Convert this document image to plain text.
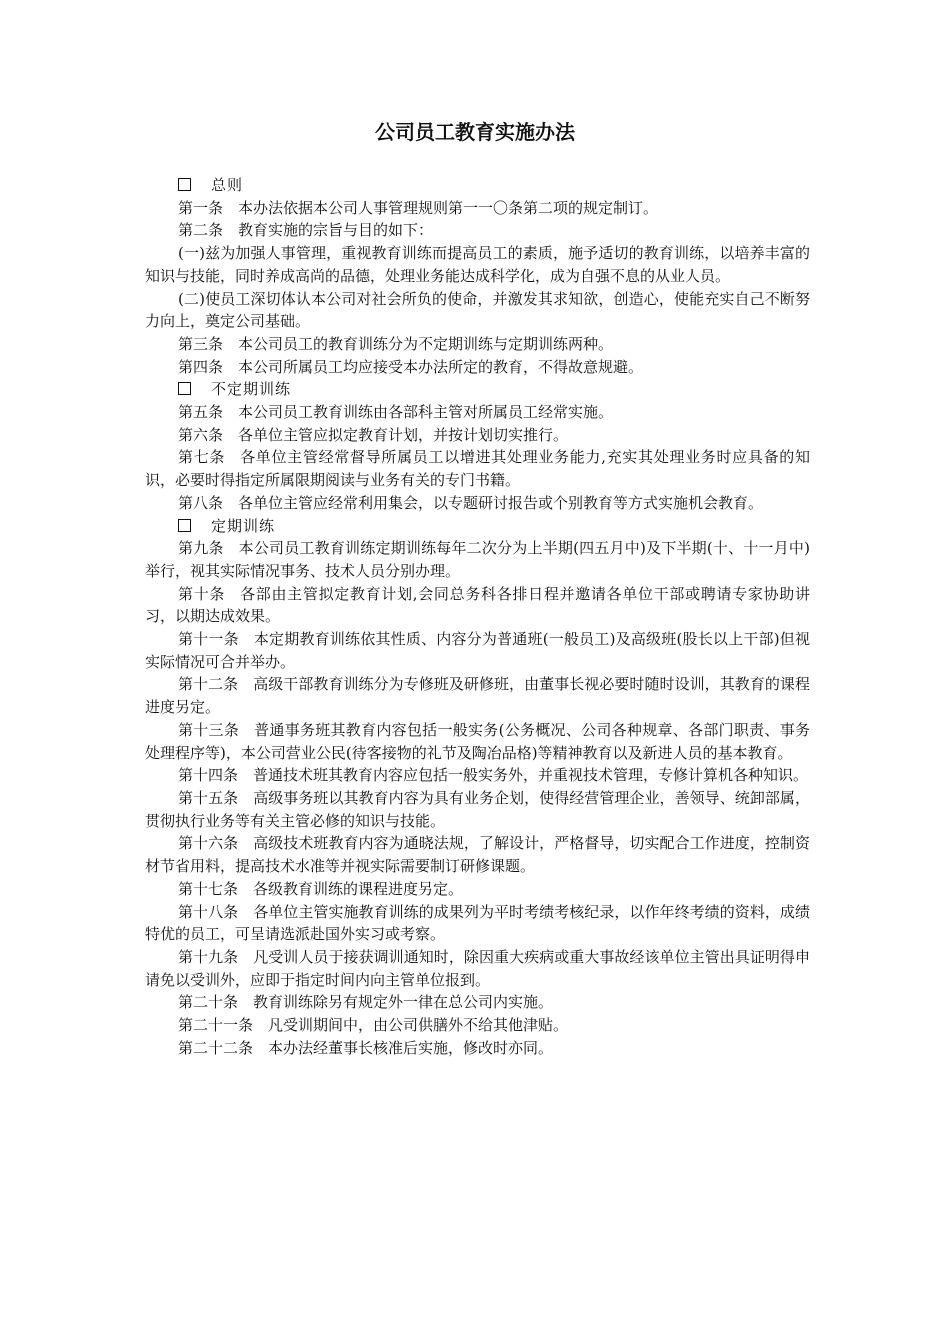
公司员工教育实施办法

总则

第一条 本办法依据本公司人事管理规则第一一〇条第二项的规定制订。

第二条 教育实施的宗旨与目的如下：

(一)兹为加强人事管理，重视教育训练而提高员工的素质，施予适切的教育训练，以培养丰富的知识与技能，同时养成高尚的品德，处理业务能达成科学化，成为自强不息的从业人员。

(二)使员工深切体认本公司对社会所负的使命，并激发其求知欲，创造心，使能充实自己不断努力向上，奠定公司基础。

第三条 本公司员工的教育训练分为不定期训练与定期训练两种。

第四条 本公司所属员工均应接受本办法所定的教育，不得故意规避。

不定期训练

第五条 本公司员工教育训练由各部科主管对所属员工经常实施。

第六条 各单位主管应拟定教育计划，并按计划切实推行。

第七条 各单位主管经常督导所属员工以增进其处理业务能力,充实其处理业务时应具备的知识，必要时得指定所属限期阅读与业务有关的专门书籍。

第八条 各单位主管应经常利用集会，以专题研讨报告或个别教育等方式实施机会教育。

定期训练

第九条 本公司员工教育训练定期训练每年二次分为上半期(四五月中)及下半期(十、十一月中)举行，视其实际情况事务、技术人员分别办理。

第十条 各部由主管拟定教育计划,会同总务科各排日程并邀请各单位干部或聘请专家协助讲习，以期达成效果。

第十一条 本定期教育训练依其性质、内容分为普通班(一般员工)及高级班(股长以上干部)但视实际情况可合并举办。

第十二条 高级干部教育训练分为专修班及研修班，由董事长视必要时随时设训，其教育的课程进度另定。

第十三条 普通事务班其教育内容包括一般实务(公务概况、公司各种规章、各部门职责、事务处理程序等)，本公司营业公民(待客接物的礼节及陶冶品格)等精神教育以及新进人员的基本教育。

第十四条 普通技术班其教育内容应包括一般实务外，并重视技术管理，专修计算机各种知识。

第十五条 高级事务班以其教育内容为具有业务企划，使得经营管理企业，善领导、统卸部属，贯彻执行业务等有关主管必修的知识与技能。

第十六条 高级技术班教育内容为通晓法规，了解设计，严格督导，切实配合工作进度，控制资材节省用料，提高技术水准等并视实际需要制订研修课题。

第十七条 各级教育训练的课程进度另定。

第十八条 各单位主管实施教育训练的成果列为平时考绩考核纪录，以作年终考绩的资料，成绩特优的员工，可呈请选派赴国外实习或考察。

第十九条 凡受训人员于接获调训通知时，除因重大疾病或重大事故经该单位主管出具证明得申请免以受训外，应即于指定时间内向主管单位报到。

第二十条 教育训练除另有规定外一律在总公司内实施。

第二十一条 凡受训期间中，由公司供膳外不给其他津贴。

第二十二条 本办法经董事长核准后实施，修改时亦同。
